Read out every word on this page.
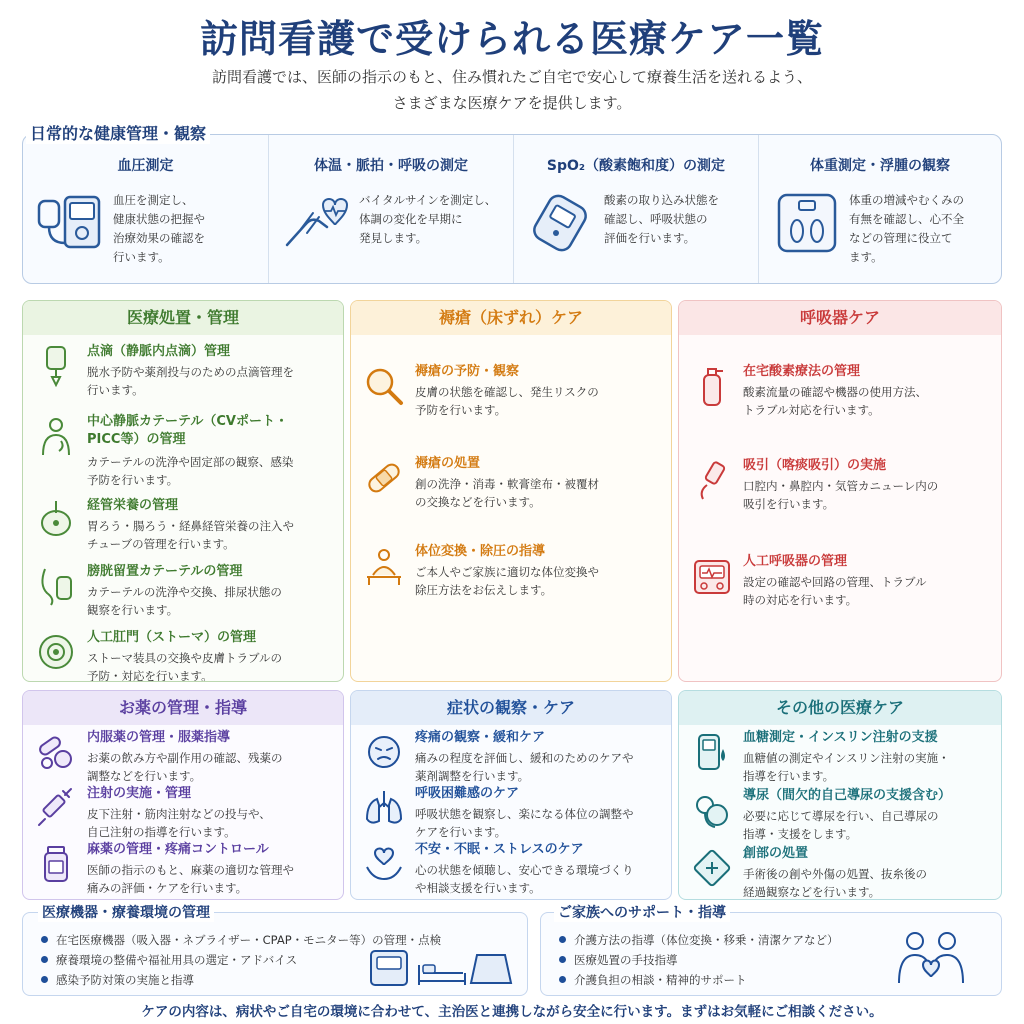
訪問看護で受けられる医療ケア一覧
訪問看護では、医師の指示のもと、住み慣れたご自宅で安心して療養生活を送れるよう、
さまざまな医療ケアを提供します。
血圧測定
血圧を測定し、
健康状態の把握や
治療効果の確認を
行います。
体温・脈拍・呼吸の測定
バイタルサインを測定し、
体調の変化を早期に
発見します。
SpO₂（酸素飽和度）の測定
酸素の取り込み状態を
確認し、呼吸状態の
評価を行います。
体重測定・浮腫の観察
体重の増減やむくみの
有無を確認し、心不全
などの管理に役立て
ます。
日常的な健康管理・観察
医療処置・管理
点滴（静脈内点滴）管理
脱水予防や薬剤投与のための点滴管理を
行います。
中心静脈カテーテル（CVポート・
PICC等）の管理
カテーテルの洗浄や固定部の観察、感染
予防を行います。
経管栄養の管理
胃ろう・腸ろう・経鼻経管栄養の注入や
チューブの管理を行います。
膀胱留置カテーテルの管理
カテーテルの洗浄や交換、排尿状態の
観察を行います。
人工肛門（ストーマ）の管理
ストーマ装具の交換や皮膚トラブルの
予防・対応を行います。
褥瘡（床ずれ）ケア
褥瘡の予防・観察
皮膚の状態を確認し、発生リスクの
予防を行います。
褥瘡の処置
創の洗浄・消毒・軟膏塗布・被覆材
の交換などを行います。
体位変換・除圧の指導
ご本人やご家族に適切な体位変換や
除圧方法をお伝えします。
呼吸器ケア
在宅酸素療法の管理
酸素流量の確認や機器の使用方法、
トラブル対応を行います。
吸引（喀痰吸引）の実施
口腔内・鼻腔内・気管カニューレ内の
吸引を行います。
人工呼吸器の管理
設定の確認や回路の管理、トラブル
時の対応を行います。
お薬の管理・指導
内服薬の管理・服薬指導
お薬の飲み方や副作用の確認、残薬の
調整などを行います。
注射の実施・管理
皮下注射・筋肉注射などの投与や、
自己注射の指導を行います。
麻薬の管理・疼痛コントロール
医師の指示のもと、麻薬の適切な管理や
痛みの評価・ケアを行います。
症状の観察・ケア
疼痛の観察・緩和ケア
痛みの程度を評価し、緩和のためのケアや
薬剤調整を行います。
呼吸困難感のケア
呼吸状態を観察し、楽になる体位の調整や
ケアを行います。
不安・不眠・ストレスのケア
心の状態を傾聴し、安心できる環境づくり
や相談支援を行います。
その他の医療ケア
血糖測定・インスリン注射の支援
血糖値の測定やインスリン注射の実施・
指導を行います。
導尿（間欠的自己導尿の支援含む）
必要に応じて導尿を行い、自己導尿の
指導・支援をします。
創部の処置
手術後の創や外傷の処置、抜糸後の
経過観察などを行います。
在宅医療機器（吸入器・ネブライザー・CPAP・モニター等）の管理・点検
療養環境の整備や福祉用具の選定・アドバイス
感染予防対策の実施と指導
医療機器・療養環境の管理
介護方法の指導（体位変換・移乗・清潔ケアなど）
医療処置の手技指導
介護負担の相談・精神的サポート
ご家族へのサポート・指導
ケアの内容は、病状やご自宅の環境に合わせて、主治医と連携しながら安全に行います。まずはお気軽にご相談ください。
